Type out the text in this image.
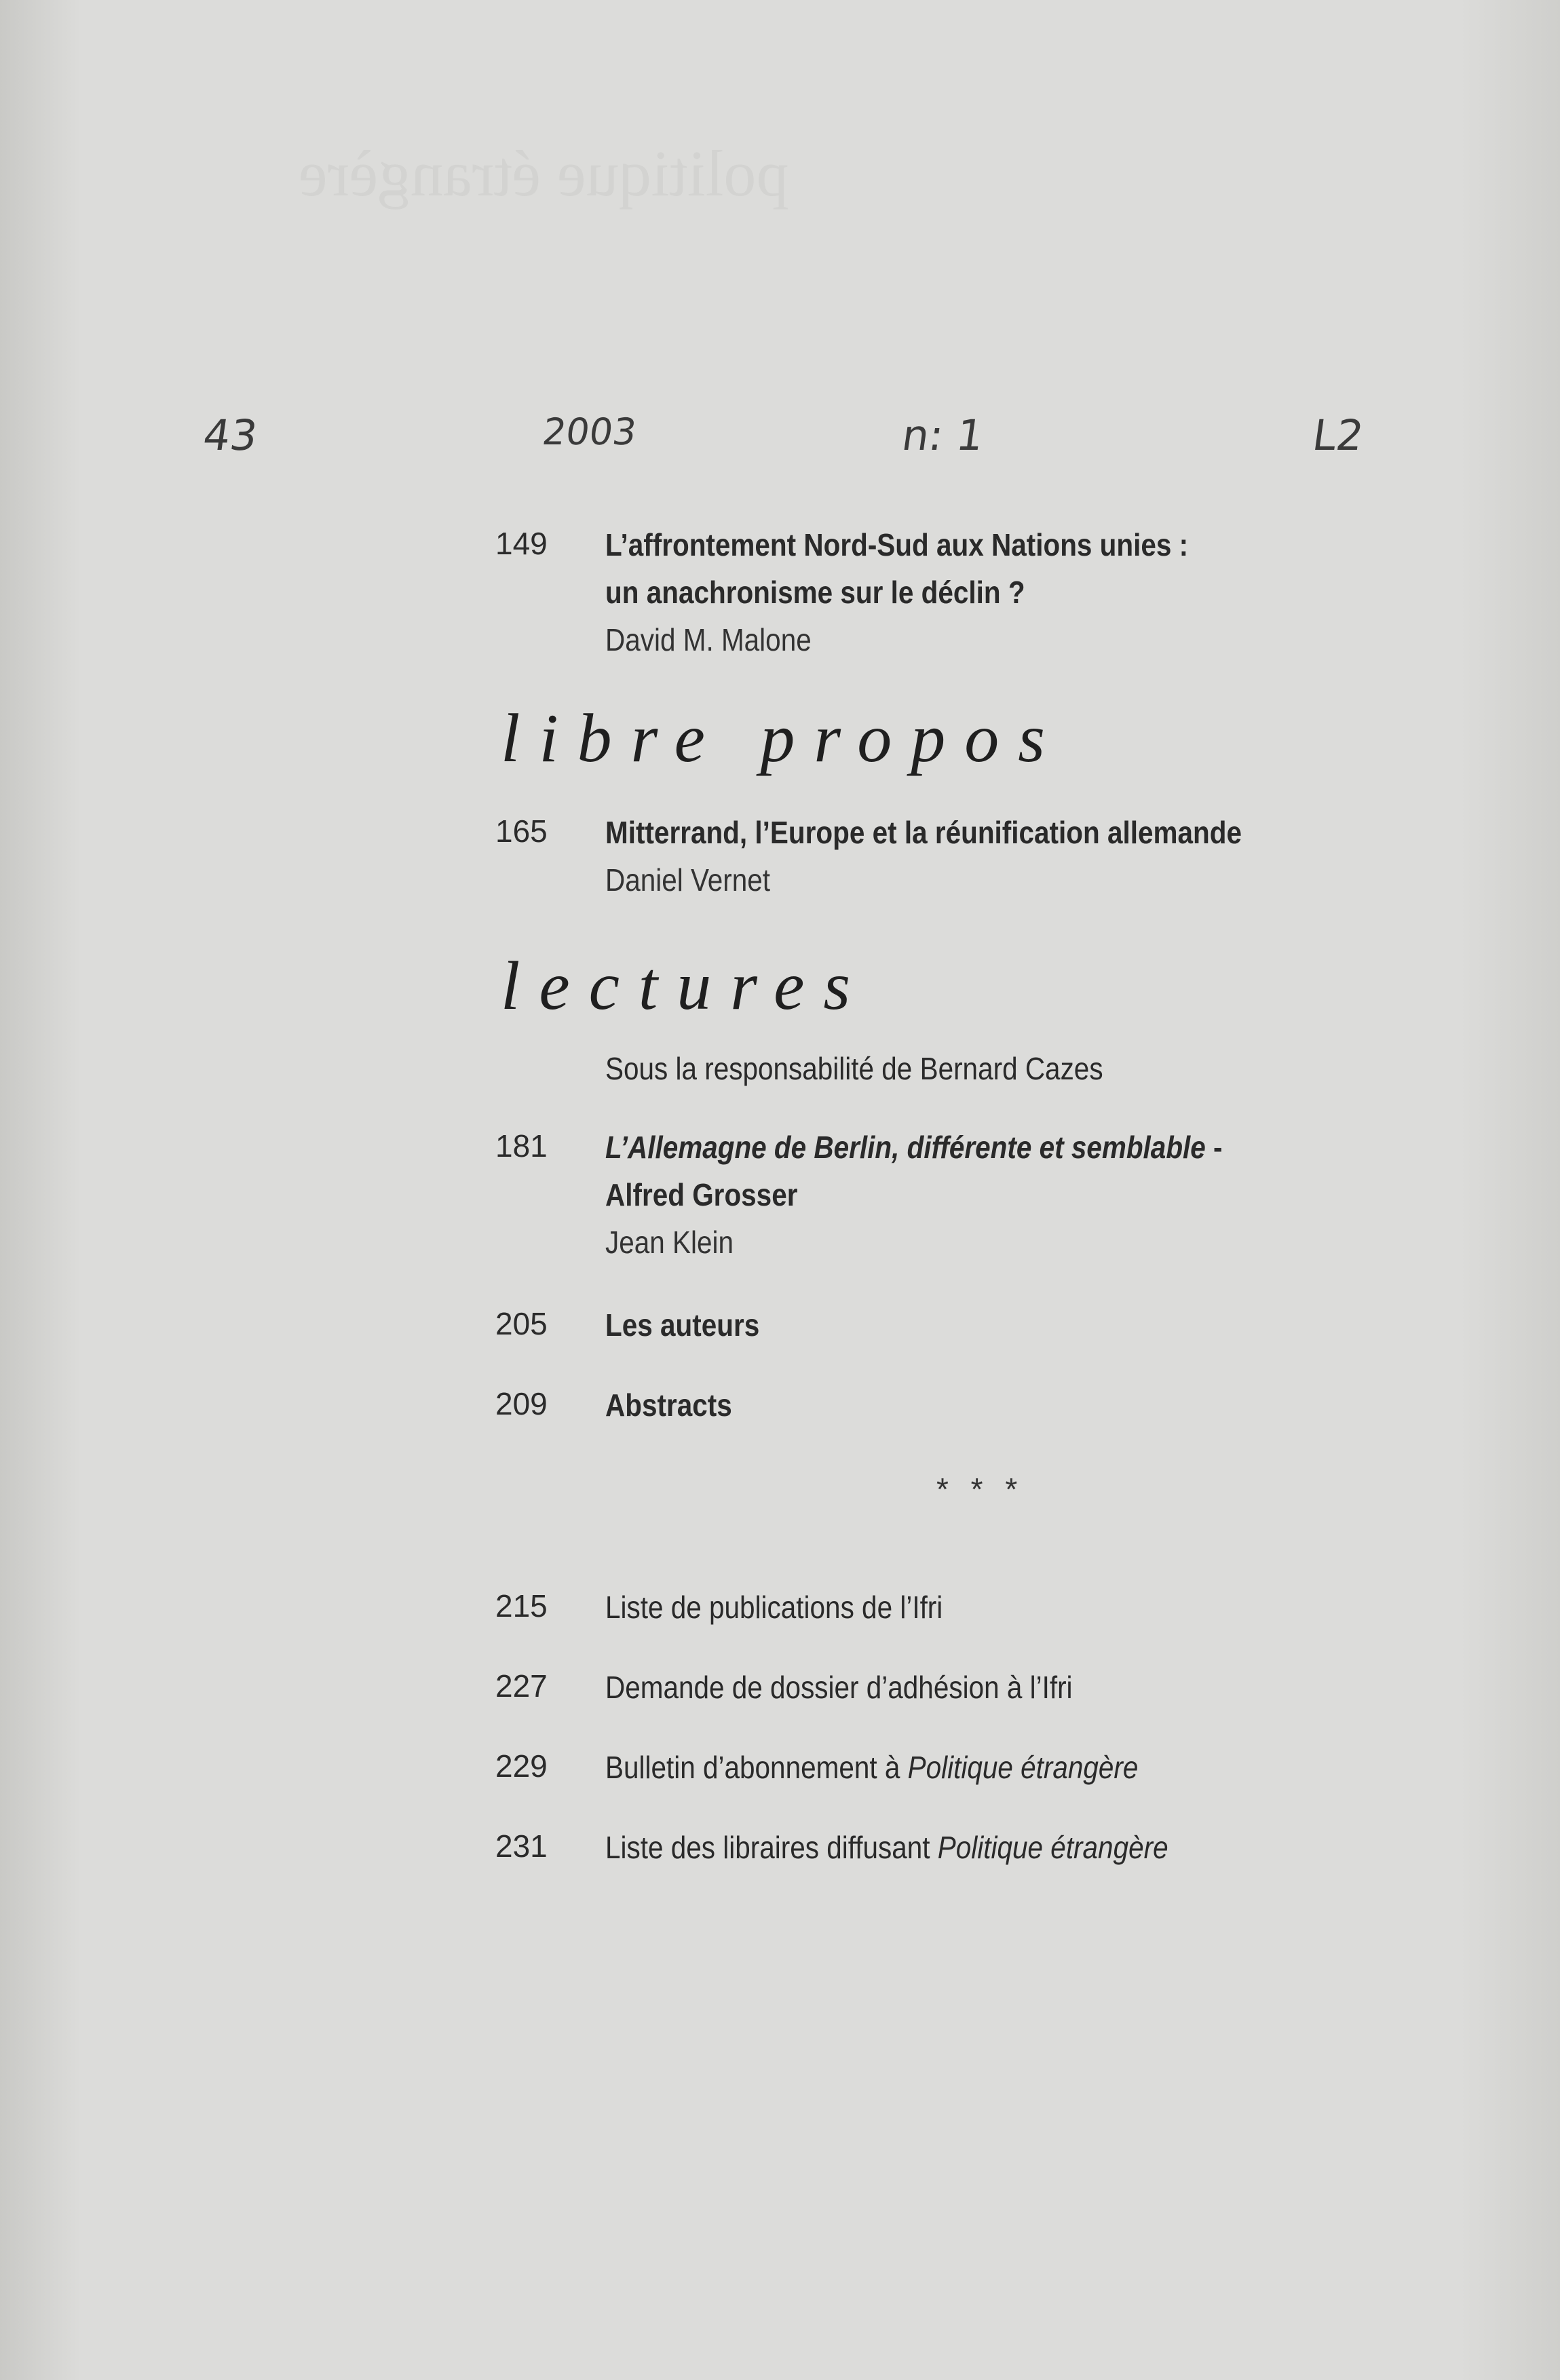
politique étrangère
43	2003	n: 1	L2
149	L’affrontement Nord-Sud aux Nations unies :
un anachronisme sur le déclin ?
David M. Malone
libre propos
165	Mitterrand, l’Europe et la réunification allemande
Daniel Vernet
lectures
Sous la responsabilité de Bernard Cazes
181	L’Allemagne de Berlin, différente et semblable -
Alfred Grosser
Jean Klein
205	Les auteurs
209	Abstracts
* * *
215	Liste de publications de l’Ifri
227	Demande de dossier d’adhésion à l’Ifri
229	Bulletin d’abonnement à Politique étrangère
231	Liste des libraires diffusant Politique étrangère
